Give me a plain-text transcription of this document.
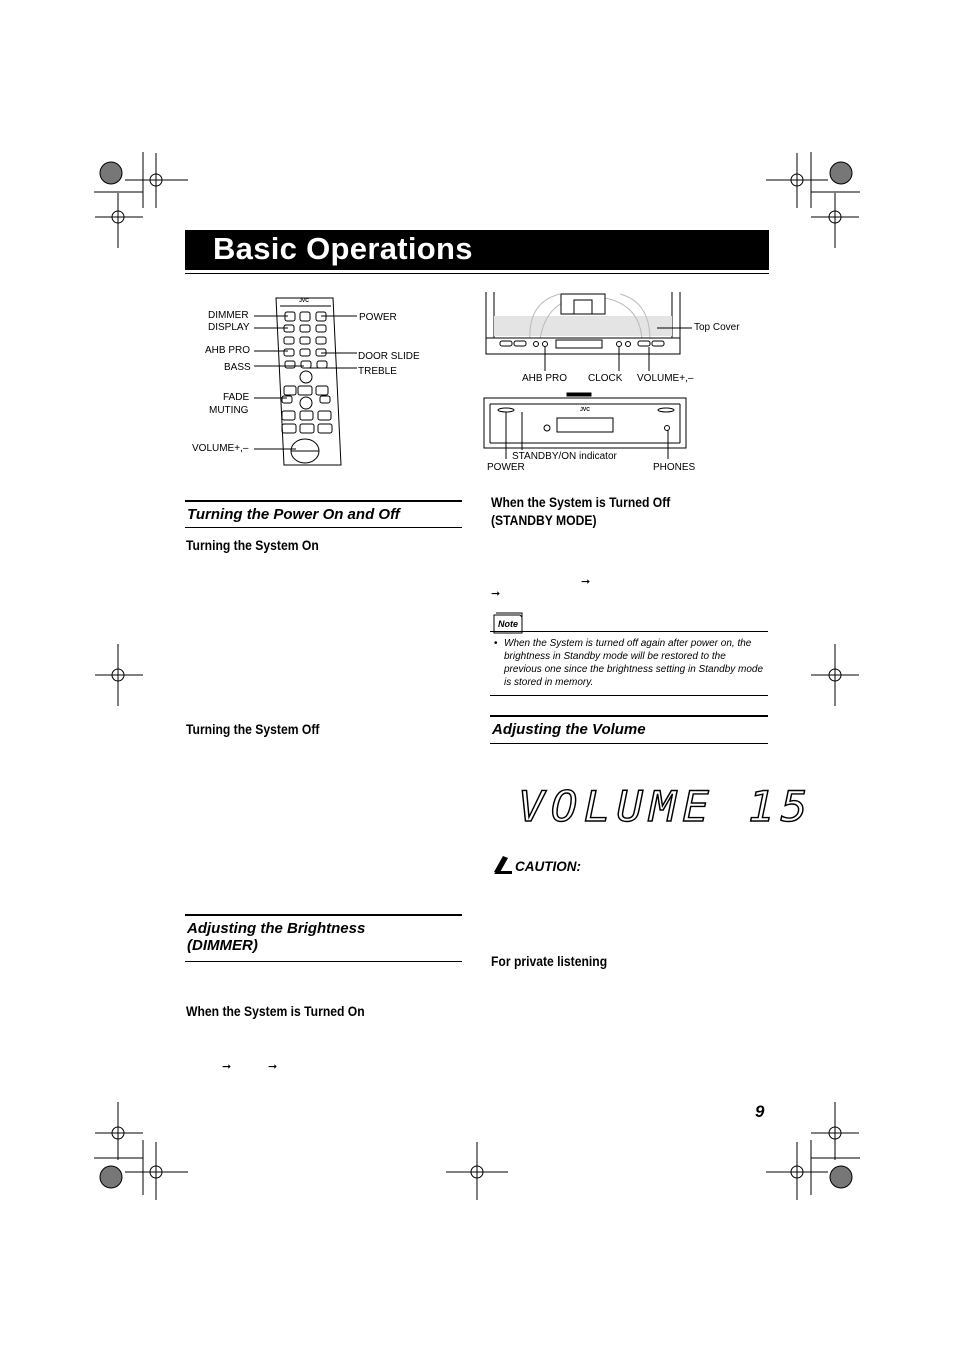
Basic Operations
JVC
DIMMER
DISPLAY
AHB PRO
BASS
FADE
MUTING
VOLUME+,–
POWER
DOOR SLIDE
TREBLE
Top Cover
AHB PRO CLOCK VOLUME+,–
JVC
STANDBY/ON indicator
POWER	PHONES
Turning the Power On and Off
Turning the System On
Turning the System Off
Adjusting the Brightness
(DIMMER)
When the System is Turned On
➞	➞
When the System is Turned Off
(STANDBY MODE)
➞
➞
Note
• When the System is turned off again after power on, the brightness in Standby mode will be restored to the previous one since the brightness setting in Standby mode is stored in memory.
Adjusting the Volume
VOLUME 15
CAUTION:
For private listening
9
